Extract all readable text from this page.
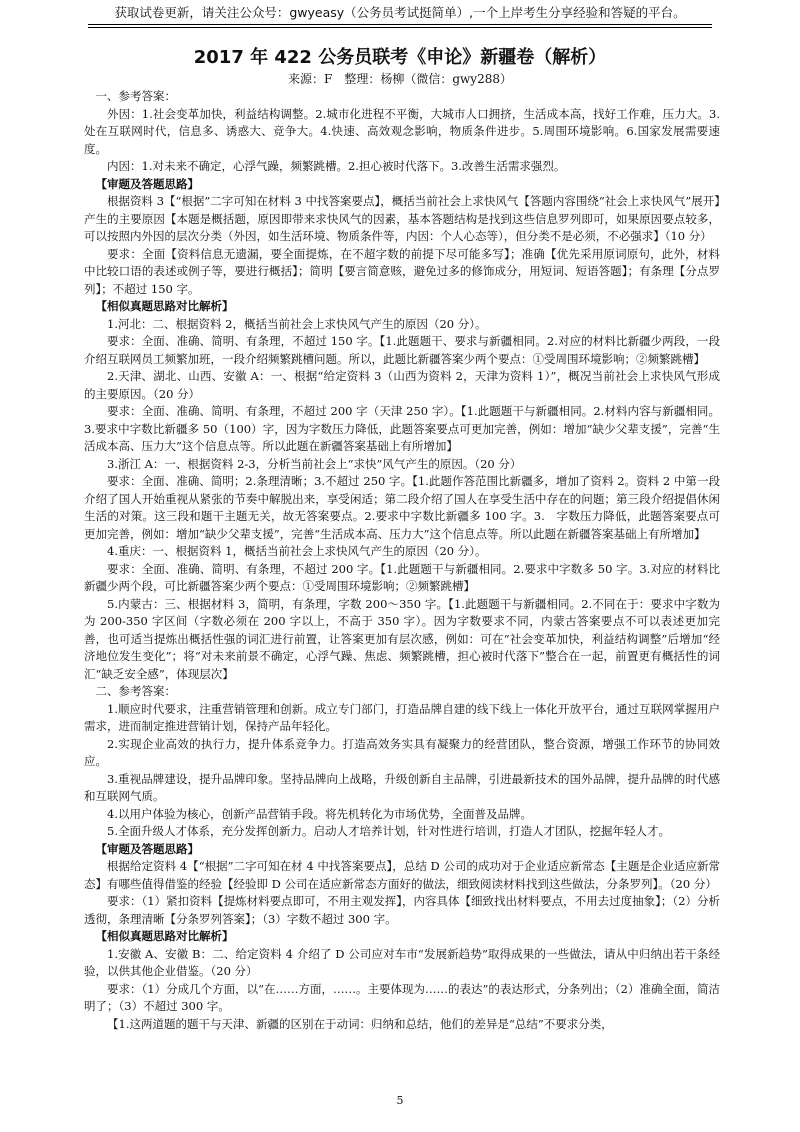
获取试卷更新，请关注公众号：gwyeasy（公务员考试挺简单）,一个上岸考生分享经验和答疑的平台。
2017 年 422 公务员联考《申论》新疆卷（解析）
来源：F　整理：杨柳（微信：gwy288）

一、参考答案：

外因：1.社会变革加快，利益结构调整。2.城市化进程不平衡，大城市人口拥挤，生活成本高，找好工作难，压力大。3.处在互联网时代，信息多、诱惑大、竞争大。4.快速、高效观念影响，物质条件进步。5.周围环境影响。6.国家发展需要速度。

内因：1.对未来不确定，心浮气躁，频繁跳槽。2.担心被时代落下。3.改善生活需求强烈。

【审题及答题思路】

根据资料 3【“根据”二字可知在材料 3 中找答案要点】，概括当前社会上求快风气【答题内容围绕“社会上求快风气”展开】产生的主要原因【本题是概括题，原因即带来求快风气的因素，基本答题结构是找到这些信息罗列即可，如果原因要点较多，可以按照内外因的层次分类（外因，如生活环境、物质条件等，内因：个人心态等），但分类不是必须，不必强求】（10 分）

要求：全面【资料信息无遗漏，要全面提炼，在不超字数的前提下尽可能多写】；准确【优先采用原词原句，此外，材料中比较口语的表述或例子等，要进行概括】；简明【要言简意赅，避免过多的修饰成分，用短词、短语答题】；有条理【分点罗列】；不超过 150 字。

【相似真题思路对比解析】

1.河北：二、根据资料 2，概括当前社会上求快风气产生的原因（20 分）。

要求：全面、准确、简明、有条理，不超过 150 字。【1.此题题干、要求与新疆相同。2.对应的材料比新疆少两段，一段介绍互联网员工频繁加班，一段介绍频繁跳槽问题。所以，此题比新疆答案少两个要点：①受周围环境影响；②频繁跳槽】

2.天津、湖北、山西、安徽 A：一、根据“给定资料 3（山西为资料 2，天津为资料 1）”，概况当前社会上求快风气形成的主要原因。（20 分）

要求：全面、准确、简明、有条理，不超过 200 字（天津 250 字）。【1.此题题干与新疆相同。2.材料内容与新疆相同。3.要求中字数比新疆多 50（100）字，因为字数压力降低，此题答案要点可更加完善，例如：增加“缺少父辈支援”，完善“生活成本高、压力大”这个信息点等。所以此题在新疆答案基础上有所增加】

3.浙江 A：一、根据资料 2-3，分析当前社会上“求快”风气产生的原因。（20 分）

要求：全面、准确、简明；2.条理清晰；3.不超过 250 字。【1.此题作答范围比新疆多，增加了资料 2。资料 2 中第一段介绍了国人开始重视从紧张的节奏中解脱出来，享受闲适；第二段介绍了国人在享受生活中存在的问题；第三段介绍提倡休闲生活的对策。这三段和题干主题无关，故无答案要点。2.要求中字数比新疆多 100 字。3.　字数压力降低，此题答案要点可更加完善，例如：增加“缺少父辈支援”，完善“生活成本高、压力大”这个信息点等。所以此题在新疆答案基础上有所增加】

4.重庆：一、根据资料 1，概括当前社会上求快风气产生的原因（20 分）。

要求：全面、准确、简明、有条理，不超过 200 字。【1.此题题干与新疆相同。2.要求中字数多 50 字。3.对应的材料比新疆少两个段，可比新疆答案少两个要点：①受周围环境影响；②频繁跳槽】

5.内蒙古：三、根据材料 3，简明，有条理，字数 200～350 字。【1.此题题干与新疆相同。2.不同在于：要求中字数为为 200-350 字区间（字数必须在 200 字以上，不高于 350 字）。因为字数要求不同，内蒙古答案要点不可以表述更加完善，也可适当提炼出概括性强的词汇进行前置，让答案更加有层次感，例如：可在“社会变革加快，利益结构调整”后增加“经济地位发生变化”；将“对未来前景不确定，心浮气躁、焦虑、频繁跳槽，担心被时代落下”整合在一起，前置更有概括性的词汇“缺乏安全感”，体现层次】

二、参考答案：

1.顺应时代要求，注重营销管理和创新。成立专门部门，打造品牌自建的线下线上一体化开放平台，通过互联网掌握用户需求，进而制定推进营销计划，保持产品年轻化。

2.实现企业高效的执行力，提升体系竞争力。打造高效务实具有凝聚力的经营团队，整合资源，增强工作环节的协同效应。

3.重视品牌建设，提升品牌印象。坚持品牌向上战略，升级创新自主品牌，引进最新技术的国外品牌，提升品牌的时代感和互联网气质。

4.以用户体验为核心，创新产品营销手段。将先机转化为市场优势，全面普及品牌。

5.全面升级人才体系，充分发挥创新力。启动人才培养计划，针对性进行培训，打造人才团队，挖掘年轻人才。

【审题及答题思路】

根据给定资料 4【“根据”二字可知在材 4 中找答案要点】，总结 D 公司的成功对于企业适应新常态【主题是企业适应新常态】有哪些值得借鉴的经验【经验即 D 公司在适应新常态方面好的做法，细致阅读材料找到这些做法，分条罗列】。（20 分）

要求：（1）紧扣资料【提炼材料要点即可，不用主观发挥】，内容具体【细致找出材料要点，不用去过度抽象】；（2）分析透彻，条理清晰【分条罗列答案】；（3）字数不超过 300 字。

【相似真题思路对比解析】

1.安徽 A、安徽 B：二、给定资料 4 介绍了 D 公司应对车市“发展新趋势”取得成果的一些做法，请从中归纳出若干条经验，以供其他企业借鉴。（20 分）

要求：（1）分成几个方面，以“在……方面，……。主要体现为……的表达”的表达形式，分条列出；（2）准确全面，简洁明了；（3）不超过 300 字。

【1.这两道题的题干与天津、新疆的区别在于动词：归纳和总结，他们的差异是“总结”不要求分类，

5
